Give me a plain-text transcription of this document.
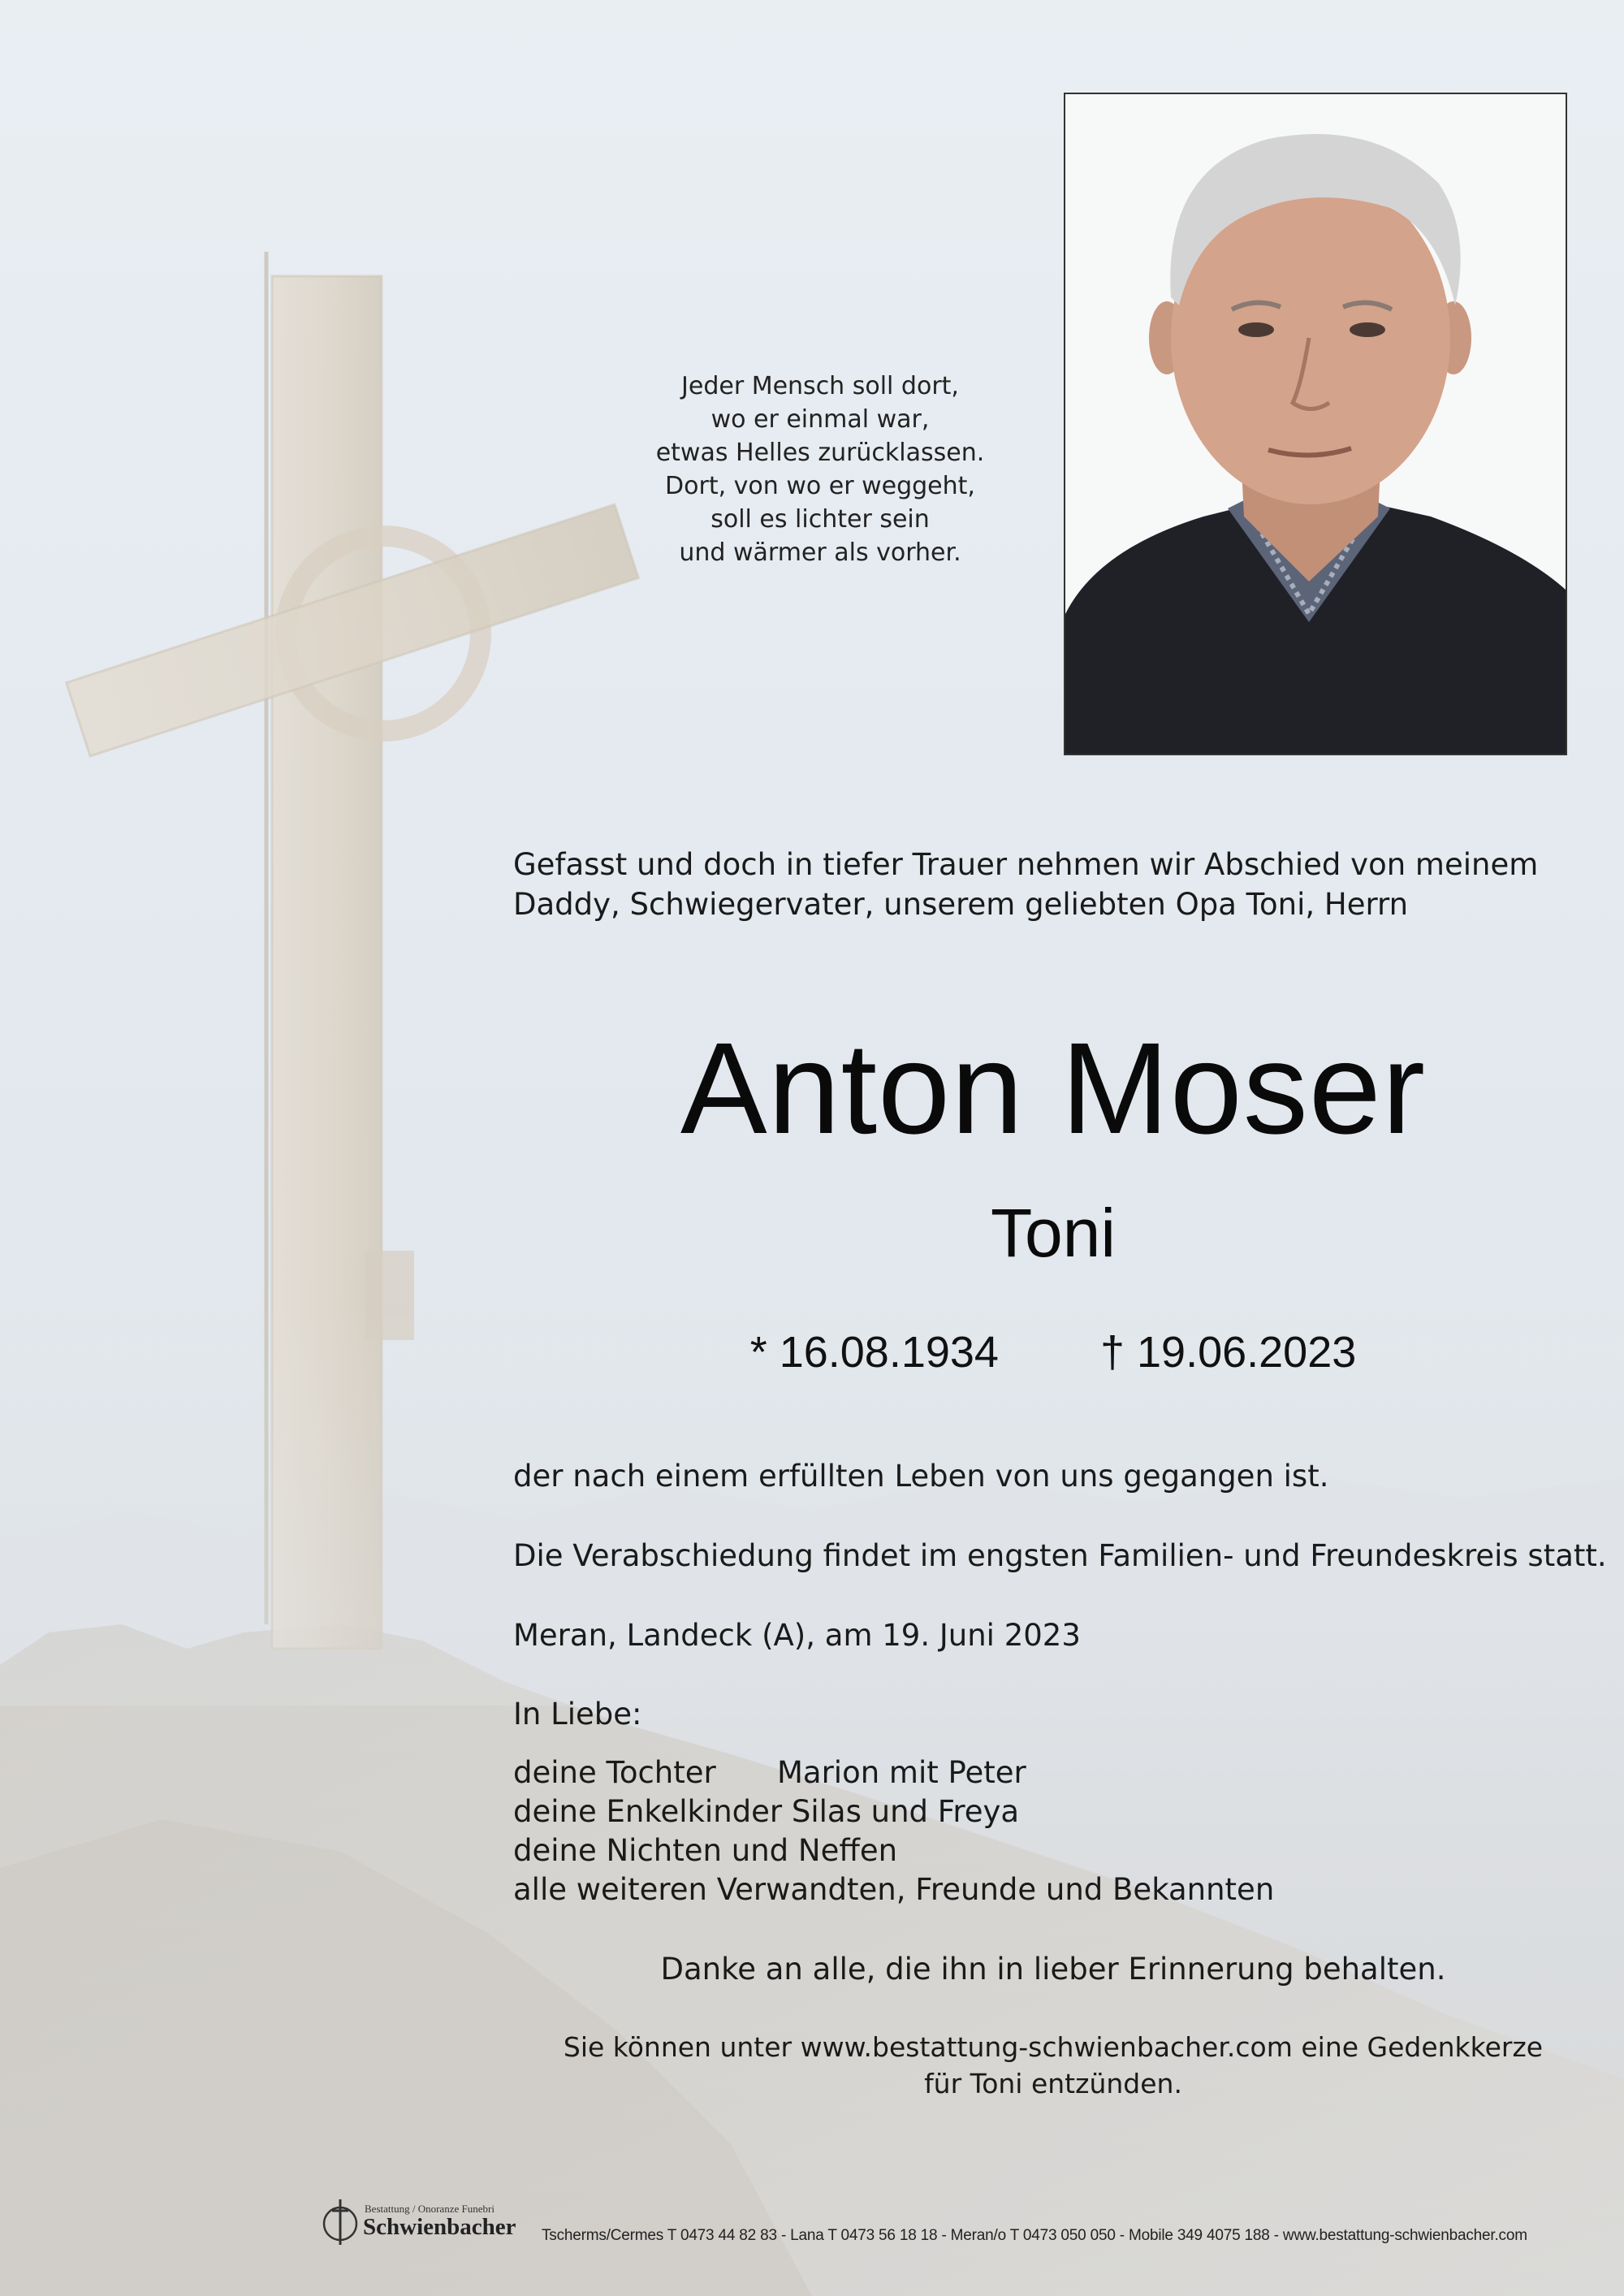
Jeder Mensch soll dort,
wo er einmal war,
etwas Helles zurücklassen.
Dort, von wo er weggeht,
soll es lichter sein
und wärmer als vorher.
Gefasst und doch in tiefer Trauer nehmen wir Abschied von meinem
Daddy, Schwiegervater, unserem geliebten Opa Toni, Herrn
Anton Moser
Toni
* 16.08.1934 † 19.06.2023
der nach einem erfüllten Leben von uns gegangen ist.
Die Verabschiedung findet im engsten Familien- und Freundeskreis statt.
Meran, Landeck (A), am 19. Juni 2023
In Liebe:
deine Tochter Marion mit Peter
deine Enkelkinder Silas und Freya
deine Nichten und Neffen
alle weiteren Verwandten, Freunde und Bekannten
Danke an alle, die ihn in lieber Erinnerung behalten.
Sie können unter www.bestattung-schwienbacher.com eine Gedenkkerze
für Toni entzünden.
Bestattung / Onoranze Funebri
Schwienbacher Tscherms/Cermes T 0473 44 82 83 - Lana T 0473 56 18 18 - Meran/o T 0473 050 050 - Mobile 349 4075 188 - www.bestattung-schwienbacher.com
